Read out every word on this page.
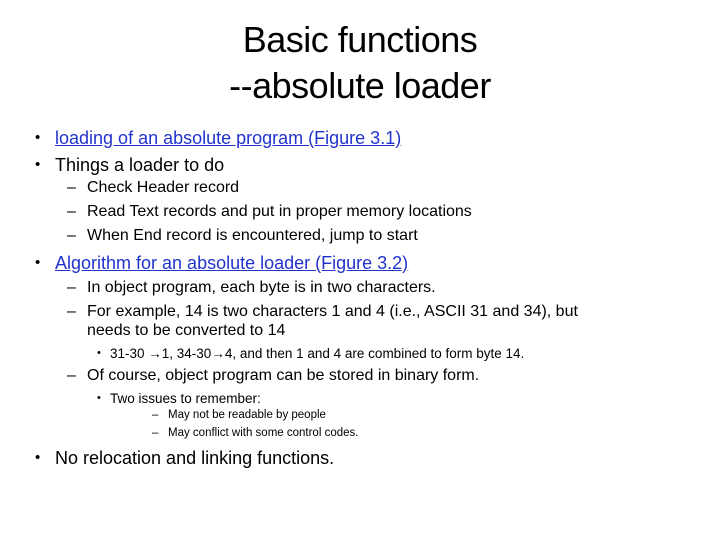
Basic functions
--absolute loader
• loading of an absolute program (Figure 3.1)
• Things a loader to do
– Check Header record
– Read Text records and put in proper memory locations
– When End record is encountered, jump to start
• Algorithm for an absolute loader (Figure 3.2)
– In object program, each byte is in two characters.
– For example, 14 is two characters 1 and 4 (i.e., ASCII 31 and 34), but
needs to be converted to 14
• 31-30 →1, 34-30→4, and then 1 and 4 are combined to form byte 14.
– Of course, object program can be stored in binary form.
• Two issues to remember:
– May not be readable by people
– May conflict with some control codes.
• No relocation and linking functions.
